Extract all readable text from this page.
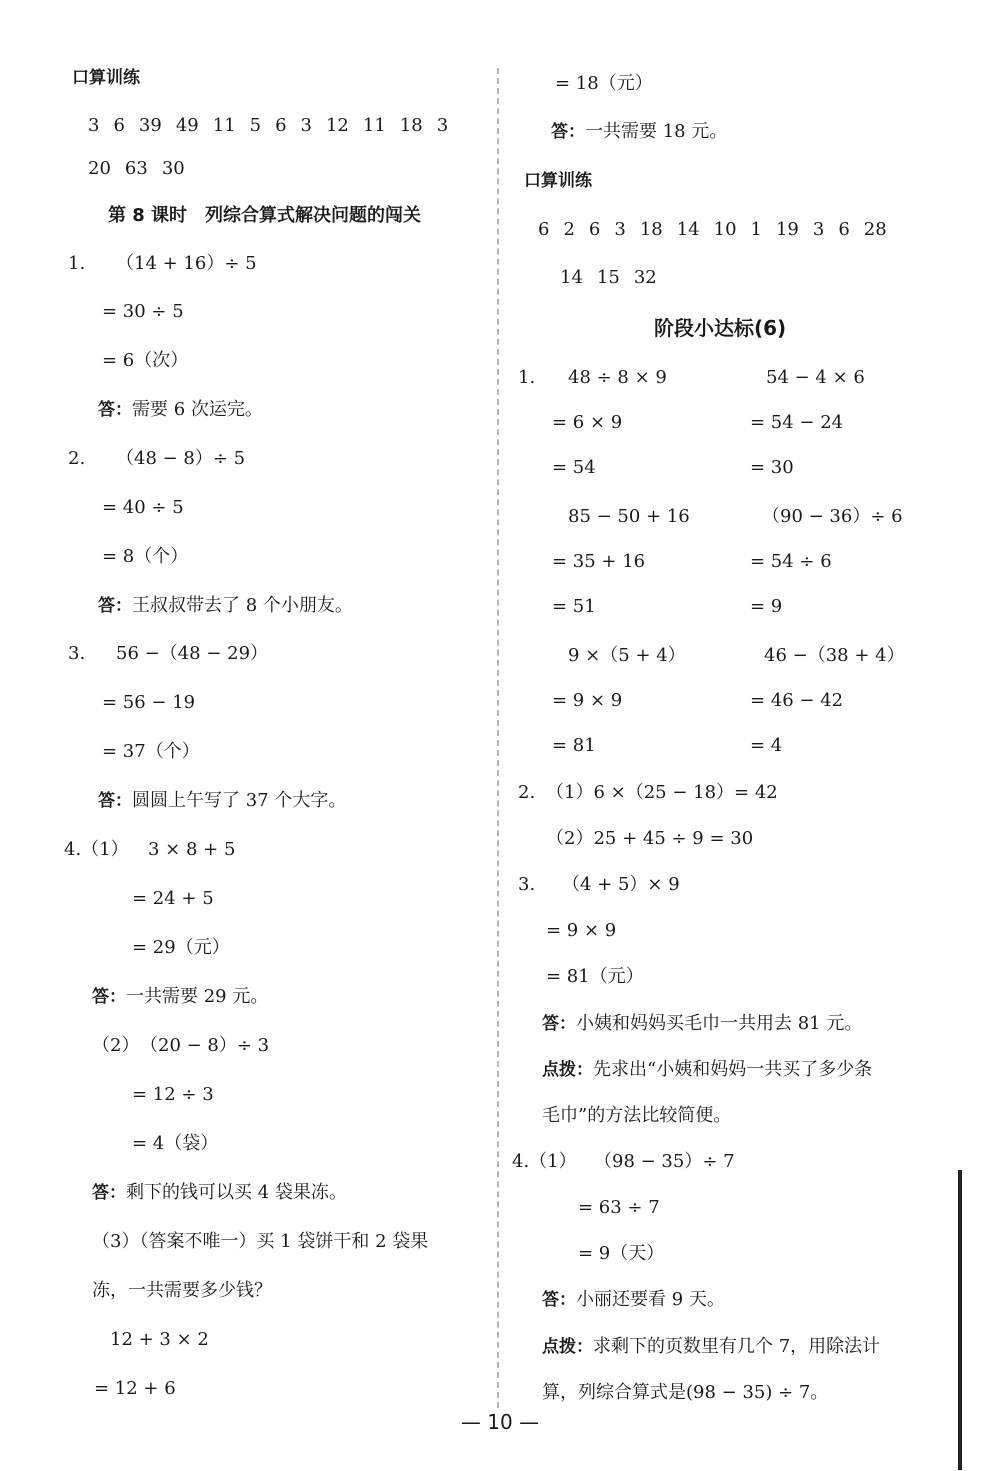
口算训练
3 6 39 49 11 5 6 3 12 11 18 3
20 63 30
第 8 课时　列综合算式解决问题的闯关
1. （14 + 16）÷ 5
= 30 ÷ 5
= 6（次）
答：需要 6 次运完。
2. （48 − 8）÷ 5
= 40 ÷ 5
= 8（个）
答：王叔叔带去了 8 个小朋友。
3. 56 −（48 − 29）
= 56 − 19
= 37（个）
答：圆圆上午写了 37 个大字。
4.（1） 3 × 8 + 5
= 24 + 5
= 29（元）
答：一共需要 29 元。
（2） （20 − 8）÷ 3
= 12 ÷ 3
= 4（袋）
答：剩下的钱可以买 4 袋果冻。
（3）（答案不唯一）买 1 袋饼干和 2 袋果
冻，一共需要多少钱？
12 + 3 × 2
= 12 + 6
= 18（元）
答：一共需要 18 元。
口算训练
6 2 6 3 18 14 10 1 19 3 6 28
14 15 32
阶段小达标(6)
1. 48 ÷ 8 × 9
= 6 × 9
= 54
54 − 4 × 6
= 54 − 24
= 30
85 − 50 + 16
= 35 + 16
= 51
（90 − 36）÷ 6
= 54 ÷ 6
= 9
9 ×（5 + 4）
= 9 × 9
= 81
46 −（38 + 4）
= 46 − 42
= 4
2. （1）6 ×（25 − 18）= 42
（2）25 + 45 ÷ 9 = 30
3. （4 + 5）× 9
= 9 × 9
= 81（元）
答：小姨和妈妈买毛巾一共用去 81 元。
点拨：先求出“小姨和妈妈一共买了多少条
毛巾”的方法比较简便。
4.（1） （98 − 35）÷ 7
= 63 ÷ 7
= 9（天）
答：小丽还要看 9 天。
点拨：求剩下的页数里有几个 7，用除法计
算，列综合算式是(98 − 35) ÷ 7。
— 10 —
